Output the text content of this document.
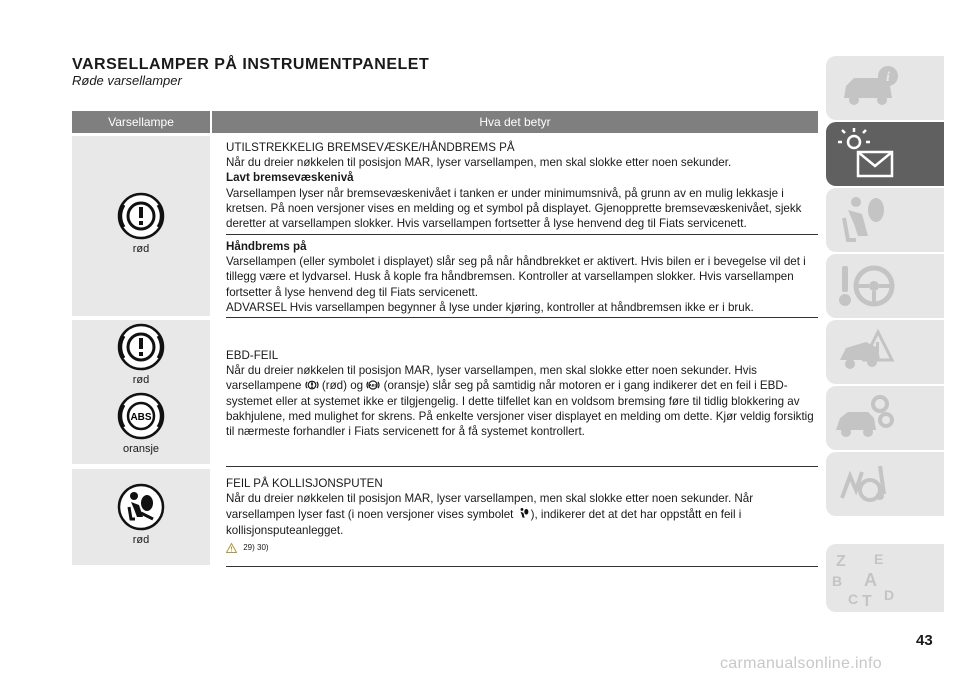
VARSELLAMPER PÅ INSTRUMENTPANELET
Røde varsellamper
Varsellampe	Hva det betyr
rød
UTILSTREKKELIG BREMSEVÆSKE/HÅNDBREMS PÅ
Når du dreier nøkkelen til posisjon MAR, lyser varsellampen, men skal slokke etter noen sekunder.
Lavt bremsevæskenivå
Varsellampen lyser når bremsevæskenivået i tanken er under minimumsnivå, på grunn av en mulig lekkasje i kretsen. På noen versjoner vises en melding og et symbol på displayet. Gjenopprette bremsevæskenivået, sjekk deretter at varsellampen slokker. Hvis varsellampen fortsetter å lyse henvend deg til Fiats servicenett.
Håndbrems på
Varsellampen (eller symbolet i displayet) slår seg på når håndbrekket er aktivert. Hvis bilen er i bevegelse vil det i tillegg være et lydvarsel. Husk å kople fra håndbremsen. Kontroller at varsellampen slokker. Hvis varsellampen fortsetter å lyse henvend deg til Fiats servicenett.
ADVARSEL Hvis varsellampen begynner å lyse under kjøring, kontroller at håndbremsen ikke er i bruk.
rød
ABS
oransje
EBD-FEIL
Når du dreier nøkkelen til posisjon MAR, lyser varsellampen, men skal slokke etter noen sekunder. Hvis varsellampene (rød) og ABS (oransje) slår seg på samtidig når motoren er i gang indikerer det en feil i EBD-systemet eller at systemet ikke er tilgjengelig. I dette tilfellet kan en voldsom bremsing føre til tidlig blokkering av bakhjulene, med mulighet for skrens. På enkelte versjoner viser displayet en melding om dette. Kjør veldig forsiktig til nærmeste forhandler i Fiats servicenett for å få systemet kontrollert.
rød
FEIL PÅ KOLLISJONSPUTEN
Når du dreier nøkkelen til posisjon MAR, lyser varsellampen, men skal slokke etter noen sekunder. Når varsellampen lyser fast (i noen versjoner vises symbolet ), indikerer det at det har oppstått en feil i kollisjonsputeanlegget.
29) 30)
i
Z E
B A
C T D
43
carmanualsonline.info
